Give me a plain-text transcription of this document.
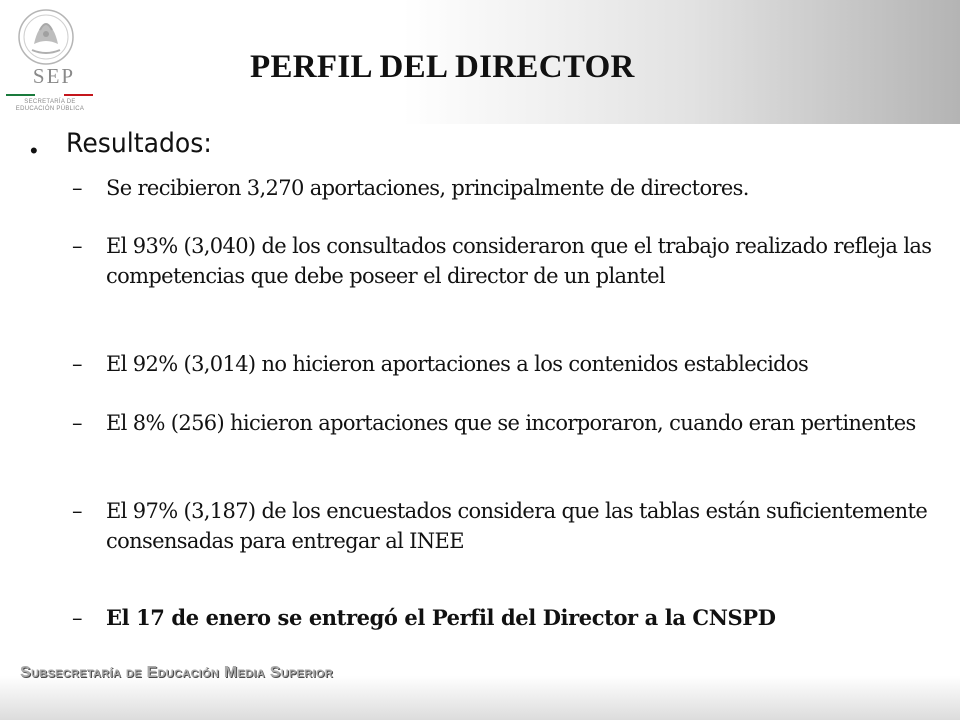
SEP
SECRETARÍA DE
EDUCACIÓN PÚBLICA
PERFIL DEL DIRECTOR
• Resultados:
– Se recibieron 3,270 aportaciones, principalmente de directores.
– El 93% (3,040) de los consultados consideraron que el trabajo realizado refleja las competencias que debe poseer el director de un plantel
– El 92% (3,014) no hicieron aportaciones a los contenidos establecidos
– El 8% (256) hicieron aportaciones que se incorporaron, cuando eran pertinentes
– El 97% (3,187) de los encuestados considera que las tablas están suficientemente consensadas para entregar al INEE
– El 17 de enero se entregó el Perfil del Director a la CNSPD
Subsecretaría de Educación Media Superior
